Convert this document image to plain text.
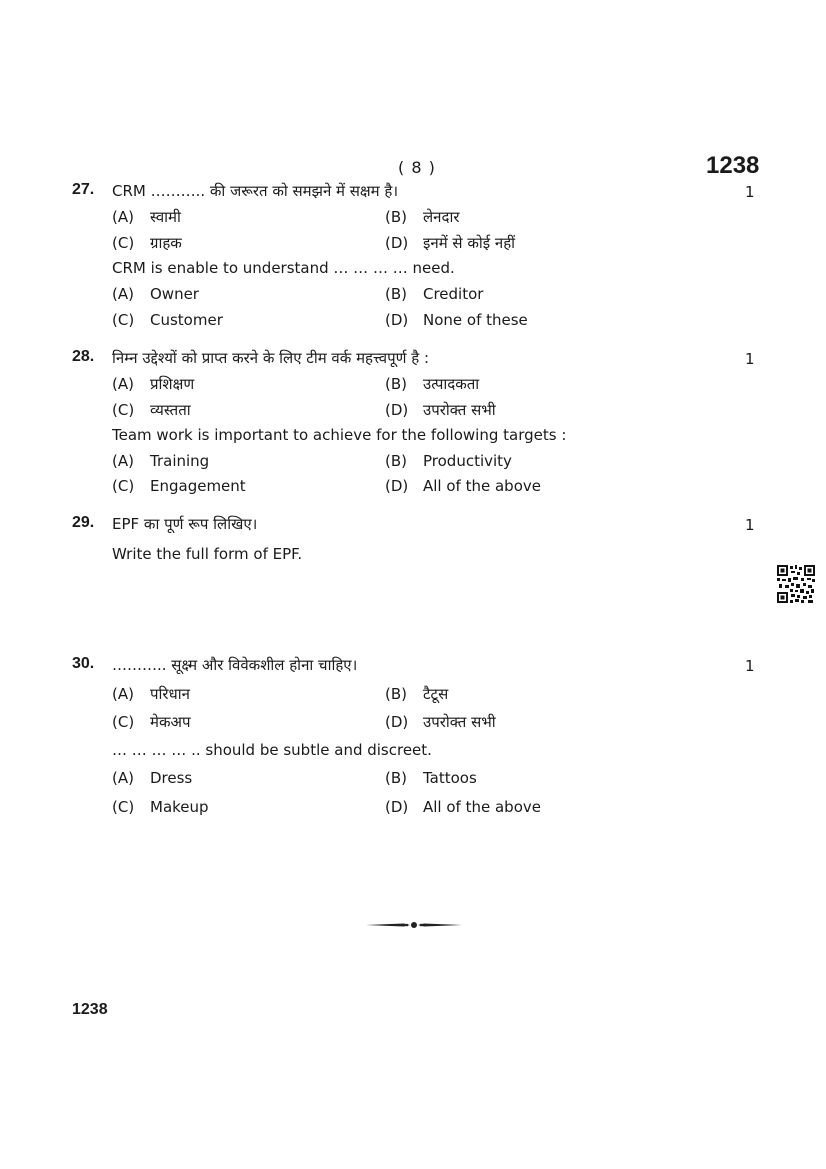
( 8 )	1238
27. CRM ……….. की जरूरत को समझने में सक्षम है।	1
(A) स्वामी	(B) लेनदार
(C) ग्राहक	(D) इनमें से कोई नहीं
CRM is enable to understand … … … … need.
(A) Owner	(B) Creditor
(C) Customer	(D) None of these
28. निम्न उद्देश्यों को प्राप्त करने के लिए टीम वर्क महत्त्वपूर्ण है :	1
(A) प्रशिक्षण	(B) उत्पादकता
(C) व्यस्तता	(D) उपरोक्त सभी
Team work is important to achieve for the following targets :
(A) Training	(B) Productivity
(C) Engagement	(D) All of the above
29. EPF का पूर्ण रूप लिखिए।	1
Write the full form of EPF.
30. ……….. सूक्ष्म और विवेकशील होना चाहिए।	1
(A) परिधान	(B) टैटूस
(C) मेकअप	(D) उपरोक्त सभी
… … … … .. should be subtle and discreet.
(A) Dress	(B) Tattoos
(C) Makeup	(D) All of the above
1238
